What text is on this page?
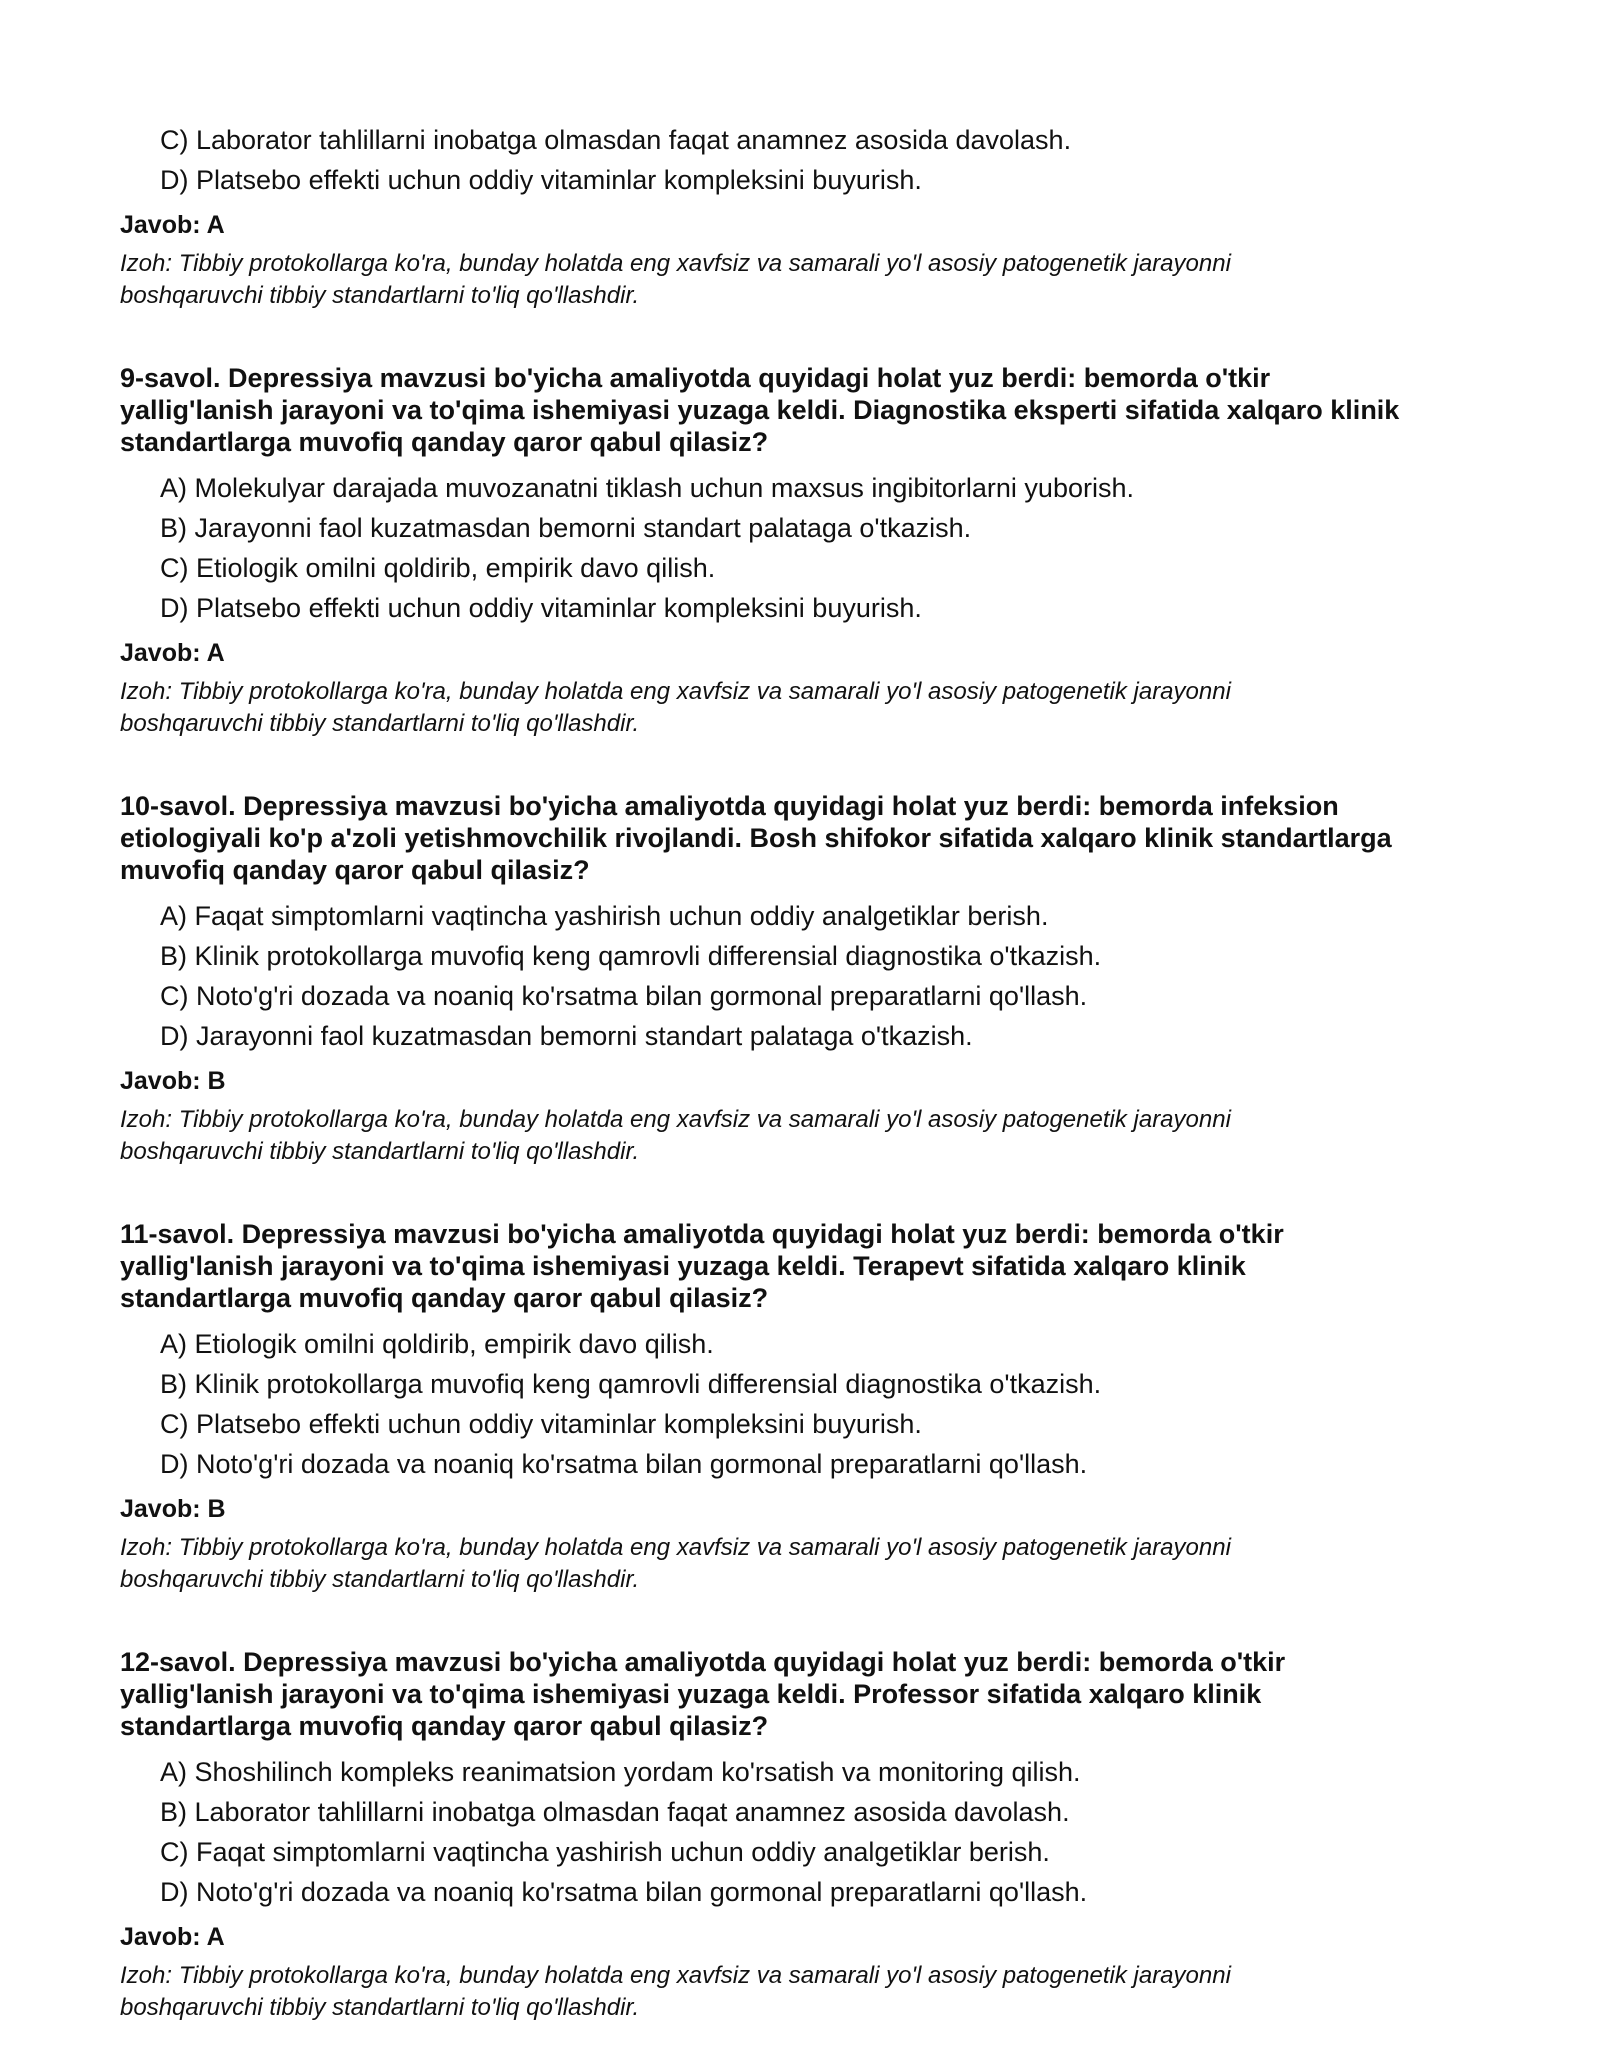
C) Laborator tahlillarni inobatga olmasdan faqat anamnez asosida davolash.
D) Platsebo effekti uchun oddiy vitaminlar kompleksini buyurish.
Javob: A
Izoh: Tibbiy protokollarga ko'ra, bunday holatda eng xavfsiz va samarali yo'l asosiy patogenetik jarayonni
boshqaruvchi tibbiy standartlarni to'liq qo'llashdir.
9-savol. Depressiya mavzusi bo'yicha amaliyotda quyidagi holat yuz berdi: bemorda o'tkir
yallig'lanish jarayoni va to'qima ishemiyasi yuzaga keldi. Diagnostika eksperti sifatida xalqaro klinik
standartlarga muvofiq qanday qaror qabul qilasiz?
A) Molekulyar darajada muvozanatni tiklash uchun maxsus ingibitorlarni yuborish.
B) Jarayonni faol kuzatmasdan bemorni standart palataga o'tkazish.
C) Etiologik omilni qoldirib, empirik davo qilish.
D) Platsebo effekti uchun oddiy vitaminlar kompleksini buyurish.
Javob: A
Izoh: Tibbiy protokollarga ko'ra, bunday holatda eng xavfsiz va samarali yo'l asosiy patogenetik jarayonni
boshqaruvchi tibbiy standartlarni to'liq qo'llashdir.
10-savol. Depressiya mavzusi bo'yicha amaliyotda quyidagi holat yuz berdi: bemorda infeksion
etiologiyali ko'p a'zoli yetishmovchilik rivojlandi. Bosh shifokor sifatida xalqaro klinik standartlarga
muvofiq qanday qaror qabul qilasiz?
A) Faqat simptomlarni vaqtincha yashirish uchun oddiy analgetiklar berish.
B) Klinik protokollarga muvofiq keng qamrovli differensial diagnostika o'tkazish.
C) Noto'g'ri dozada va noaniq ko'rsatma bilan gormonal preparatlarni qo'llash.
D) Jarayonni faol kuzatmasdan bemorni standart palataga o'tkazish.
Javob: B
Izoh: Tibbiy protokollarga ko'ra, bunday holatda eng xavfsiz va samarali yo'l asosiy patogenetik jarayonni
boshqaruvchi tibbiy standartlarni to'liq qo'llashdir.
11-savol. Depressiya mavzusi bo'yicha amaliyotda quyidagi holat yuz berdi: bemorda o'tkir
yallig'lanish jarayoni va to'qima ishemiyasi yuzaga keldi. Terapevt sifatida xalqaro klinik
standartlarga muvofiq qanday qaror qabul qilasiz?
A) Etiologik omilni qoldirib, empirik davo qilish.
B) Klinik protokollarga muvofiq keng qamrovli differensial diagnostika o'tkazish.
C) Platsebo effekti uchun oddiy vitaminlar kompleksini buyurish.
D) Noto'g'ri dozada va noaniq ko'rsatma bilan gormonal preparatlarni qo'llash.
Javob: B
Izoh: Tibbiy protokollarga ko'ra, bunday holatda eng xavfsiz va samarali yo'l asosiy patogenetik jarayonni
boshqaruvchi tibbiy standartlarni to'liq qo'llashdir.
12-savol. Depressiya mavzusi bo'yicha amaliyotda quyidagi holat yuz berdi: bemorda o'tkir
yallig'lanish jarayoni va to'qima ishemiyasi yuzaga keldi. Professor sifatida xalqaro klinik
standartlarga muvofiq qanday qaror qabul qilasiz?
A) Shoshilinch kompleks reanimatsion yordam ko'rsatish va monitoring qilish.
B) Laborator tahlillarni inobatga olmasdan faqat anamnez asosida davolash.
C) Faqat simptomlarni vaqtincha yashirish uchun oddiy analgetiklar berish.
D) Noto'g'ri dozada va noaniq ko'rsatma bilan gormonal preparatlarni qo'llash.
Javob: A
Izoh: Tibbiy protokollarga ko'ra, bunday holatda eng xavfsiz va samarali yo'l asosiy patogenetik jarayonni
boshqaruvchi tibbiy standartlarni to'liq qo'llashdir.
